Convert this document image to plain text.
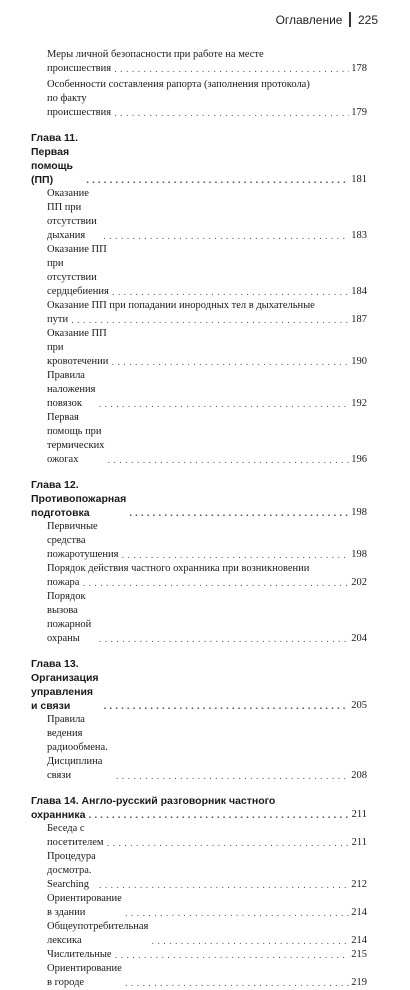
Оглавление 225
Меры личной безопасности при работе на месте
происшествия . . .	178
Особенности составления рапорта (заполнения протокола)
по факту происшествия . . .	179
Глава 11. Первая помощь (ПП) . . .	181
Оказание ПП при отсутствии дыхания . . .	183
Оказание ПП при отсутствии сердцебиения . . .	184
Оказание ПП при попадании инородных тел в дыхательные
пути . . .	187
Оказание ПП при кровотечении . . .	190
Правила наложения повязок . . .	192
Первая помощь при термических ожогах . . .	196
Глава 12. Противопожарная подготовка . . .	198
Первичные средства пожаротушения . . .	198
Порядок действия частного охранника при возникновении
пожара . . .	202
Порядок вызова пожарной охраны . . .	204
Глава 13. Организация управления и связи . . .	205
Правила ведения радиообмена. Дисциплина связи . . .	208
Глава 14. Англо-русский разговорник частного
охранника . . .	211
Беседа с посетителем . . .	211
Процедура досмотра. Searching . . .	212
Ориентирование в здании . . .	214
Общеупотребительная лексика . . .	214
Числительные . . .	215
Ориентирование в городе . . .	219
